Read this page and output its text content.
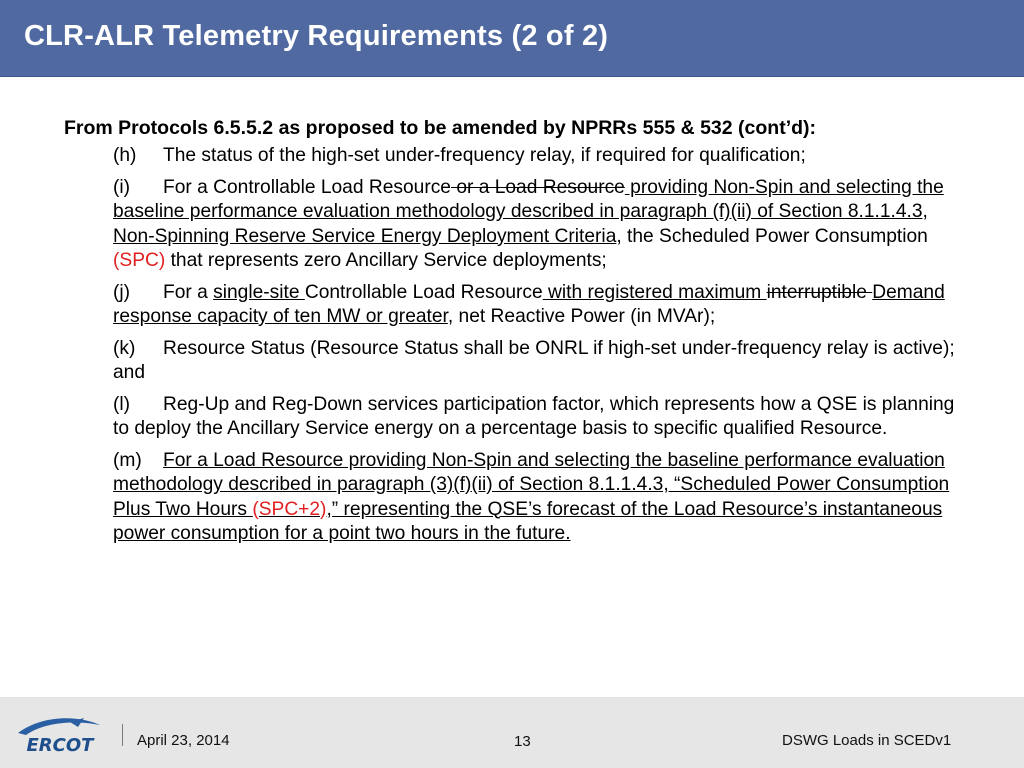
CLR-ALR Telemetry Requirements (2 of 2)

From Protocols 6.5.5.2 as proposed to be amended by NPRRs 555 & 532 (cont’d):

(h) The status of the high-set under-frequency relay, if required for qualification;
(i) For a Controllable Load Resource or a Load Resource providing Non-Spin and selecting the baseline performance evaluation methodology described in paragraph (f)(ii) of Section 8.1.1.4.3, Non-Spinning Reserve Service Energy Deployment Criteria, the Scheduled Power Consumption (SPC) that represents zero Ancillary Service deployments;
(j) For a single-site Controllable Load Resource with registered maximum interruptible Demand response capacity of ten MW or greater, net Reactive Power (in MVAr);
(k) Resource Status (Resource Status shall be ONRL if high-set under-frequency relay is active); and
(l) Reg-Up and Reg-Down services participation factor, which represents how a QSE is planning to deploy the Ancillary Service energy on a percentage basis to specific qualified Resource.
(m) For a Load Resource providing Non-Spin and selecting the baseline performance evaluation methodology described in paragraph (3)(f)(ii) of Section 8.1.1.4.3, “Scheduled Power Consumption Plus Two Hours (SPC+2),” representing the QSE’s forecast of the Load Resource’s instantaneous power consumption for a point two hours in the future.
ERCOT	April 23, 2014	13	DSWG Loads in SCEDv1
